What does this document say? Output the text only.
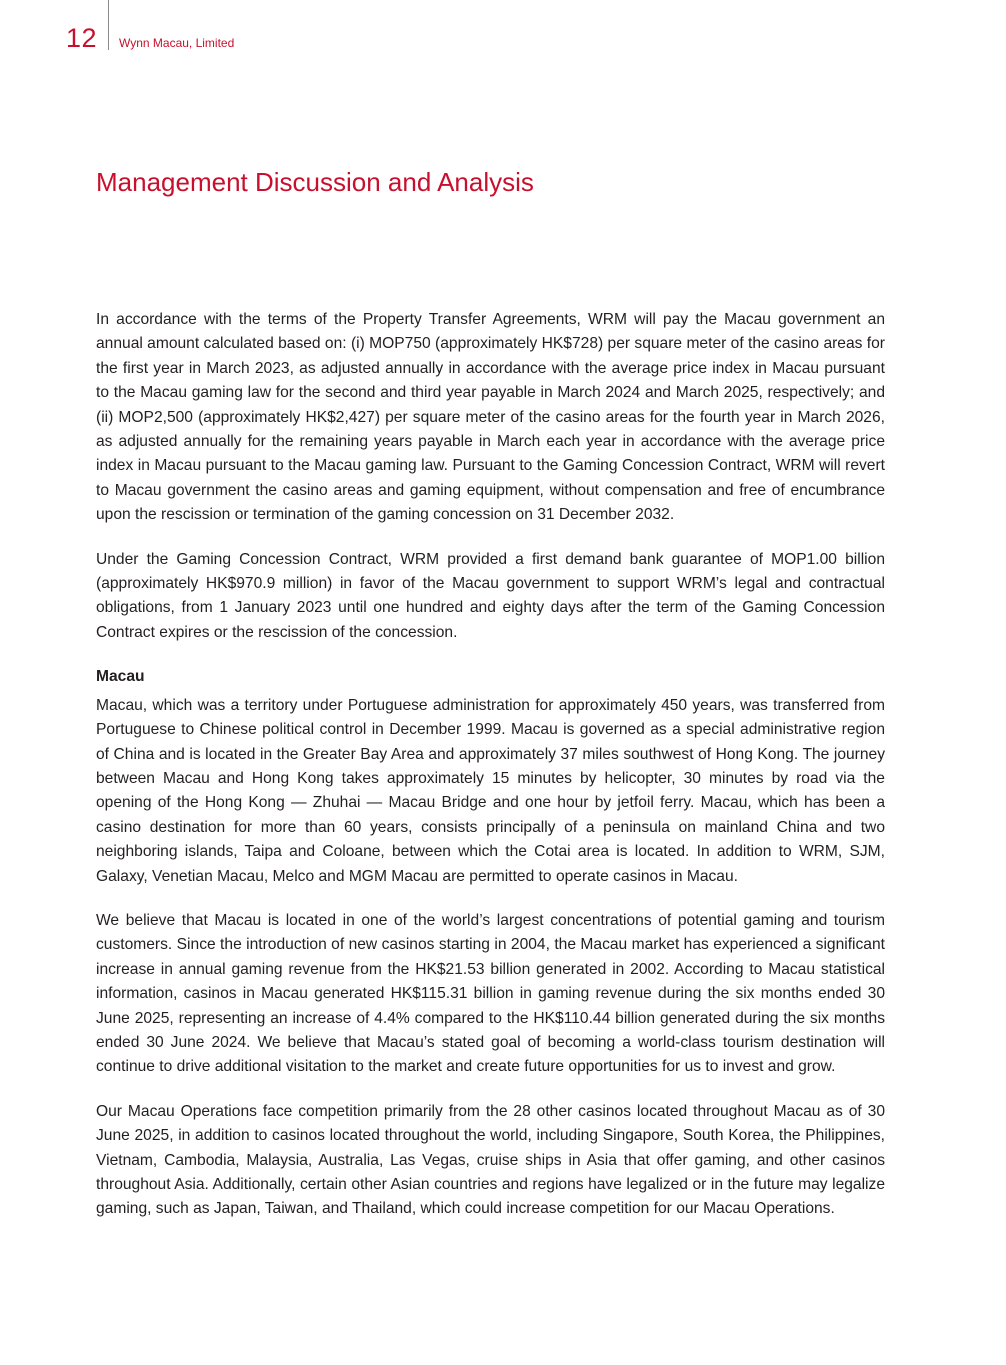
12 Wynn Macau, Limited
Management Discussion and Analysis

In accordance with the terms of the Property Transfer Agreements, WRM will pay the Macau government an annual amount calculated based on: (i) MOP750 (approximately HK$728) per square meter of the casino areas for the first year in March 2023, as adjusted annually in accordance with the average price index in Macau pursuant to the Macau gaming law for the second and third year payable in March 2024 and March 2025, respectively; and (ii) MOP2,500 (approximately HK$2,427) per square meter of the casino areas for the fourth year in March 2026, as adjusted annually for the remaining years payable in March each year in accordance with the average price index in Macau pursuant to the Macau gaming law. Pursuant to the Gaming Concession Contract, WRM will revert to Macau government the casino areas and gaming equipment, without compensation and free of encumbrance upon the rescission or termination of the gaming concession on 31 December 2032.

Under the Gaming Concession Contract, WRM provided a first demand bank guarantee of MOP1.00 billion (approximately HK$970.9 million) in favor of the Macau government to support WRM’s legal and contractual obligations, from 1 January 2023 until one hundred and eighty days after the term of the Gaming Concession Contract expires or the rescission of the concession.

Macau

Macau, which was a territory under Portuguese administration for approximately 450 years, was transferred from Portuguese to Chinese political control in December 1999. Macau is governed as a special administrative region of China and is located in the Greater Bay Area and approximately 37 miles southwest of Hong Kong. The journey between Macau and Hong Kong takes approximately 15 minutes by helicopter, 30 minutes by road via the opening of the Hong Kong — Zhuhai — Macau Bridge and one hour by jetfoil ferry. Macau, which has been a casino destination for more than 60 years, consists principally of a peninsula on mainland China and two neighboring islands, Taipa and Coloane, between which the Cotai area is located. In addition to WRM, SJM, Galaxy, Venetian Macau, Melco and MGM Macau are permitted to operate casinos in Macau.

We believe that Macau is located in one of the world’s largest concentrations of potential gaming and tourism customers. Since the introduction of new casinos starting in 2004, the Macau market has experienced a significant increase in annual gaming revenue from the HK$21.53 billion generated in 2002. According to Macau statistical information, casinos in Macau generated HK$115.31 billion in gaming revenue during the six months ended 30 June 2025, representing an increase of 4.4% compared to the HK$110.44 billion generated during the six months ended 30 June 2024. We believe that Macau’s stated goal of becoming a world-class tourism destination will continue to drive additional visitation to the market and create future opportunities for us to invest and grow.

Our Macau Operations face competition primarily from the 28 other casinos located throughout Macau as of 30 June 2025, in addition to casinos located throughout the world, including Singapore, South Korea, the Philippines, Vietnam, Cambodia, Malaysia, Australia, Las Vegas, cruise ships in Asia that offer gaming, and other casinos throughout Asia. Additionally, certain other Asian countries and regions have legalized or in the future may legalize gaming, such as Japan, Taiwan, and Thailand, which could increase competition for our Macau Operations.
